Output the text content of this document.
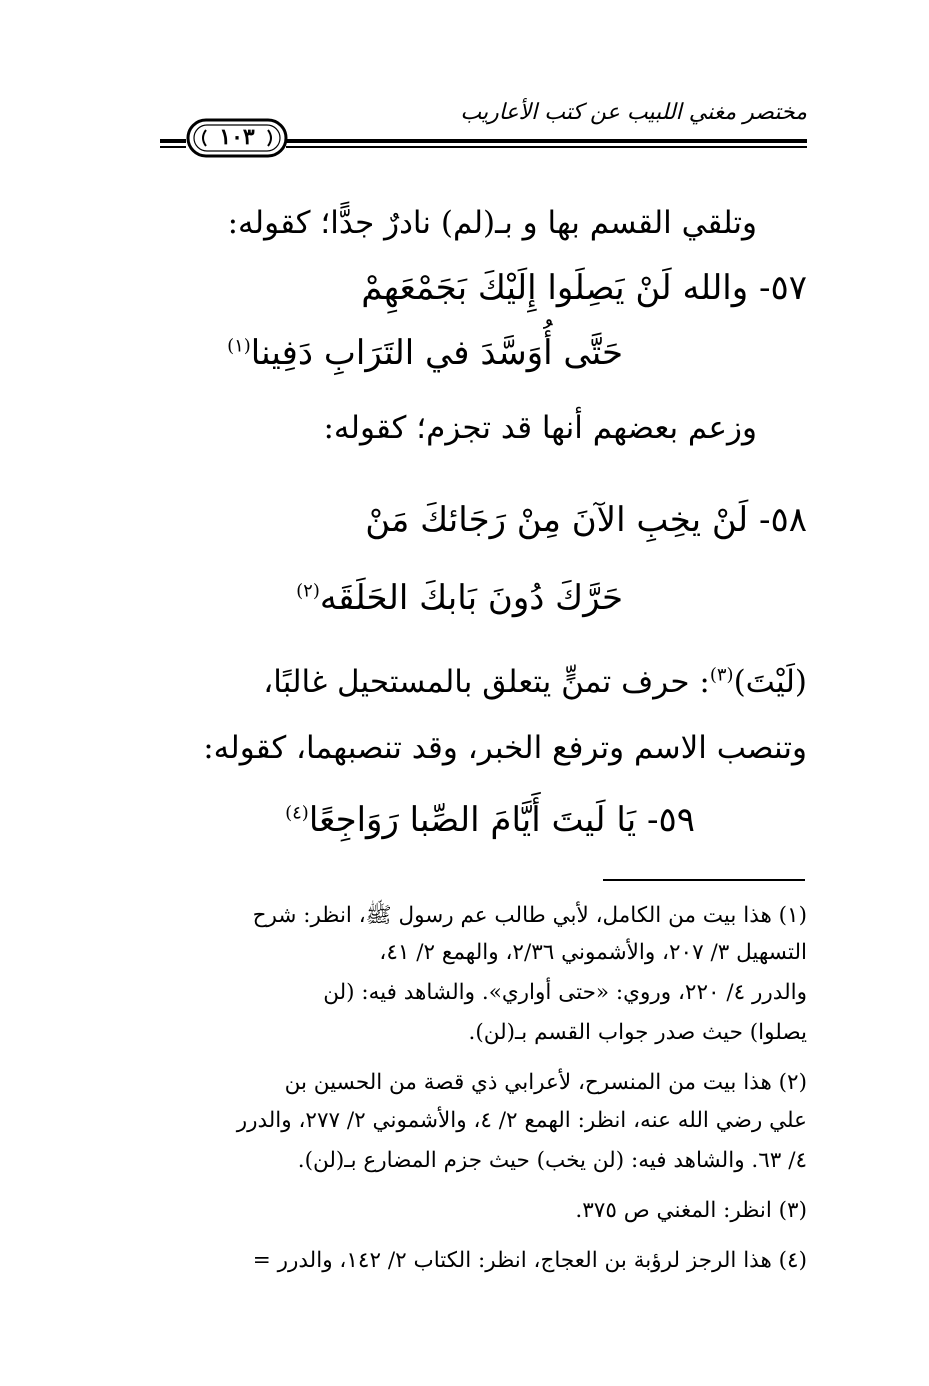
مختصر مغني اللبيب عن كتب الأعاريب
١٠٣
وتلقي القسم بها و بـ(لم) نادرٌ جدًّا؛ كقوله:
٥٧- والله لَنْ يَصِلَوا إِلَيْكَ بَجَمْعَهِمْ
حَتَّى أُوَسَّدَ في التَرَابِ دَفِينا$^{(١)}$
وزعم بعضهم أنها قد تجزم؛ كقوله:
٥٨- لَنْ يخِبِ الآنَ مِنْ رَجَائكَ مَنْ
حَرَّكَ دُونَ بَابكَ الحَلَقَه$^{(٢)}$
(لَيْتَ)$^{(٣)}$: حرف تمنٍّ يتعلق بالمستحيل غالبًا،
وتنصب الاسم وترفع الخبر، وقد تنصبهما، كقوله:
٥٩- يَا لَيتَ أَيَّامَ الصِّبا رَوَاجِعًا$^{(٤)}$
(١) هذا بيت من الكامل، لأبي طالب عم رسول ﷺ، انظر: شرح
التسهيل ٣/ ٢٠٧، والأشموني ٢/٣٦، والهمع ٢/ ٤١،
والدرر ٤/ ٢٢٠، وروي: «حتى أواري». والشاهد فيه: (لن
يصلوا) حيث صدر جواب القسم بـ(لن).
(٢) هذا بيت من المنسرح، لأعرابي ذي قصة من الحسين بن
علي رضي الله عنه، انظر: الهمع ٢/ ٤، والأشموني ٢/ ٢٧٧، والدرر
٤/ ٦٣. والشاهد فيه: (لن يخب) حيث جزم المضارع بـ(لن).
(٣) انظر: المغني ص ٣٧٥.
(٤) هذا الرجز لرؤبة بن العجاج، انظر: الكتاب ٢/ ١٤٢، والدرر =
